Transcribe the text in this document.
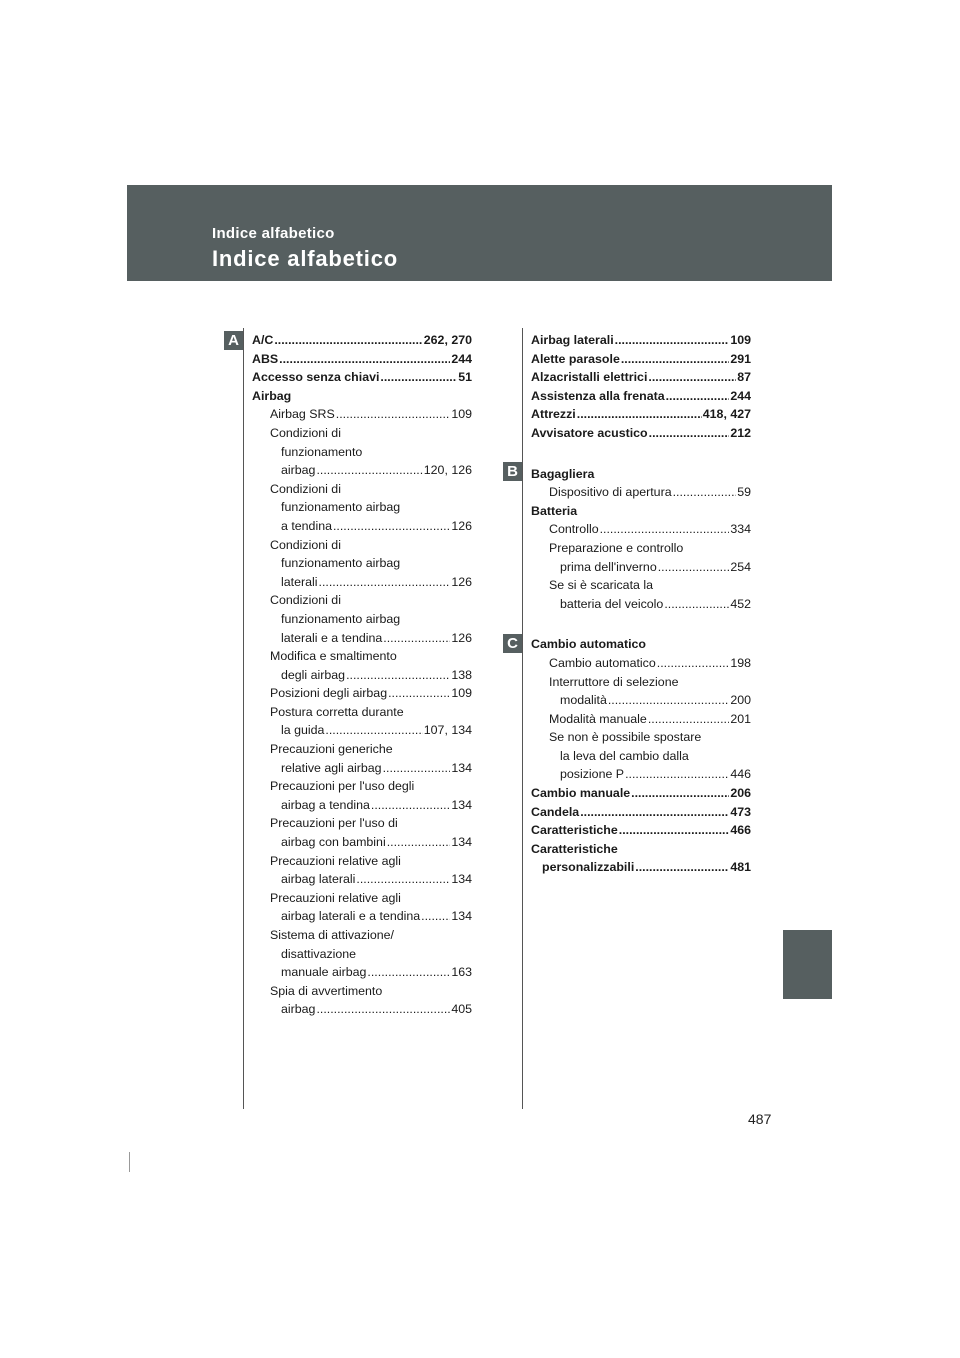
Indice alfabetico
Indice alfabetico
A
B
C
A/C .....	262, 270
ABS .....	244
Accesso senza chiavi .....	51
Airbag
Airbag SRS .....	109
Condizioni di
funzionamento
airbag .....	120, 126
Condizioni di
funzionamento airbag
a tendina .....	126
Condizioni di
funzionamento airbag
laterali .....	126
Condizioni di
funzionamento airbag
laterali e a tendina .....	126
Modifica e smaltimento
degli airbag .....	138
Posizioni degli airbag .....	109
Postura corretta durante
la guida .....	107, 134
Precauzioni generiche
relative agli airbag .....	134
Precauzioni per l'uso degli
airbag a tendina .....	134
Precauzioni per l'uso di
airbag con bambini .....	134
Precauzioni relative agli
airbag laterali .....	134
Precauzioni relative agli
airbag laterali e a tendina .....	134
Sistema di attivazione/
disattivazione
manuale airbag .....	163
Spia di avvertimento
airbag .....	405
Airbag laterali .....	109
Alette parasole .....	291
Alzacristalli elettrici .....	87
Assistenza alla frenata .....	244
Attrezzi .....	418, 427
Avvisatore acustico .....	212
Bagagliera
Dispositivo di apertura .....	59
Batteria
Controllo .....	334
Preparazione e controllo
prima dell'inverno .....	254
Se si è scaricata la
batteria del veicolo .....	452
Cambio automatico
Cambio automatico .....	198
Interruttore di selezione
modalità .....	200
Modalità manuale .....	201
Se non è possibile spostare
la leva del cambio dalla
posizione P .....	446
Cambio manuale .....	206
Candela .....	473
Caratteristiche .....	466
Caratteristiche
personalizzabili .....	481
487
